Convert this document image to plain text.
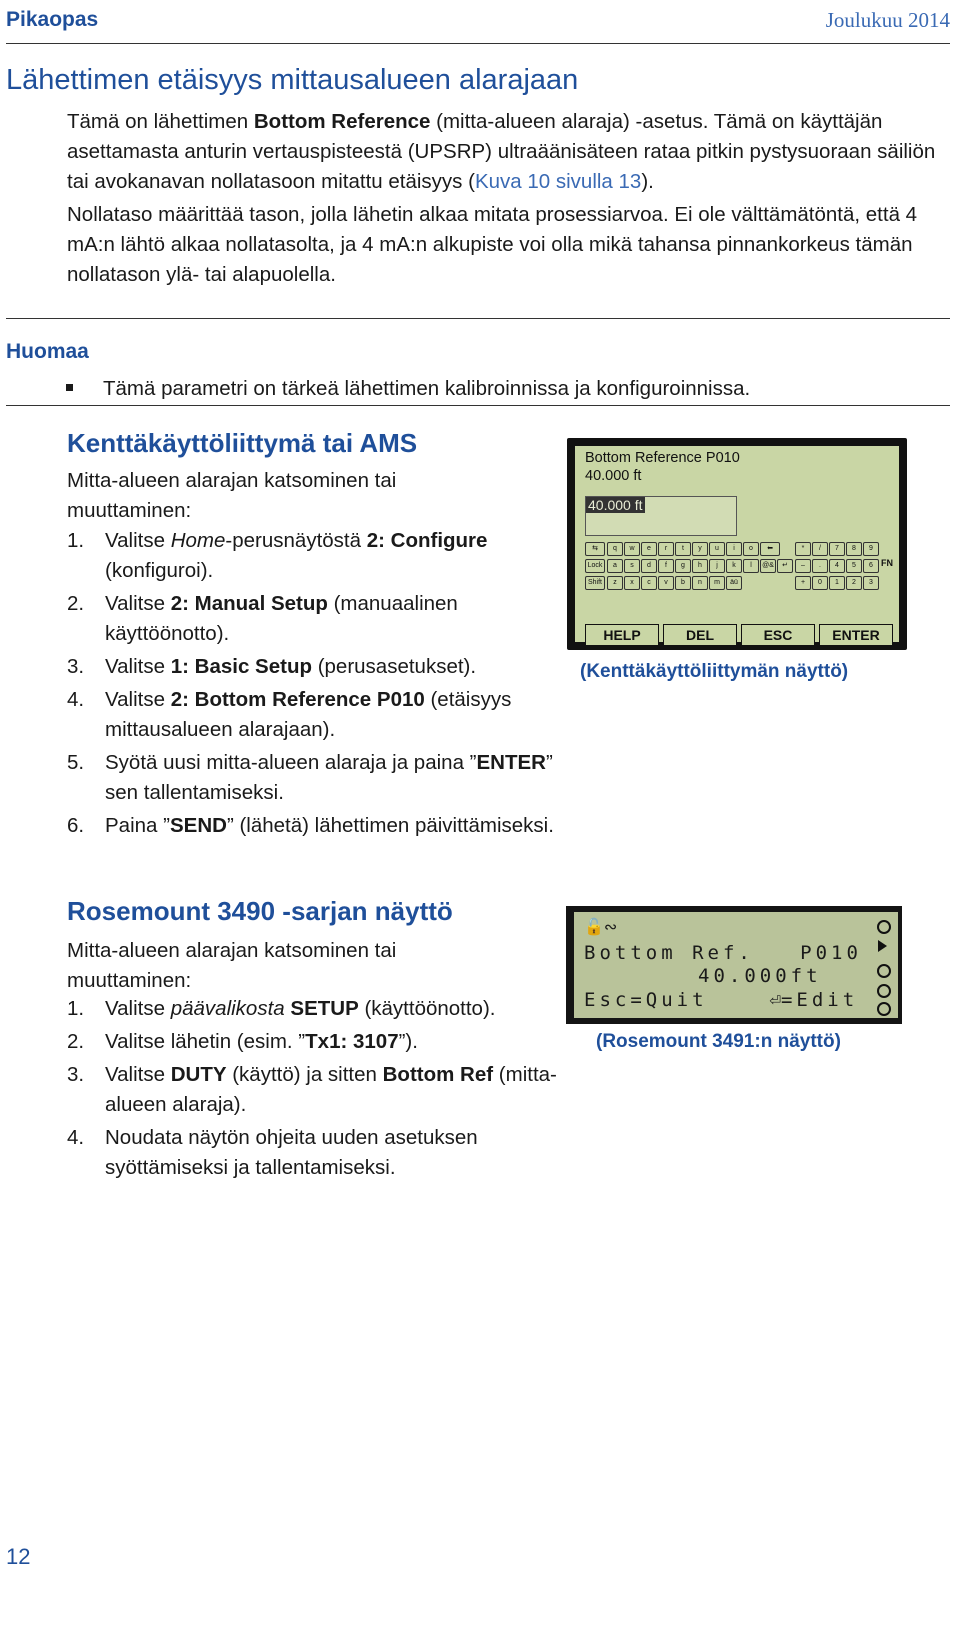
Pikaopas	Joulukuu 2014
Lähettimen etäisyys mittausalueen alarajaan
Tämä on lähettimen Bottom Reference (mitta-alueen alaraja) -asetus. Tämä on käyttäjän asettamasta anturin vertauspisteestä (UPSRP) ultraäänisäteen rataa pitkin pystysuoraan säiliön tai avokanavan nollatasoon mitattu etäisyys (Kuva 10 sivulla 13).
Nollataso määrittää tason, jolla lähetin alkaa mitata prosessiarvoa. Ei ole välttämätöntä, että 4 mA:n lähtö alkaa nollatasolta, ja 4 mA:n alkupiste voi olla mikä tahansa pinnankorkeus tämän nollatason ylä- tai alapuolella.
Huomaa
Tämä parametri on tärkeä lähettimen kalibroinnissa ja konfiguroinnissa.
Kenttäkäyttöliittymä tai AMS
Mitta-alueen alarajan katsominen tai muuttaminen:
1.	Valitse Home-perusnäytöstä 2: Configure (konfiguroi).
2.	Valitse 2: Manual Setup (manuaalinen käyttöönotto).
3.	Valitse 1: Basic Setup (perusasetukset).
4.	Valitse 2: Bottom Reference P010 (etäisyys mittausalueen alarajaan).
5.	Syötä uusi mitta-alueen alaraja ja paina ”ENTER” sen tallentamiseksi.
6.	Paina ”SEND” (lähetä) lähettimen päivittämiseksi.
Bottom Reference P010
40.000 ft
40.000 ft
⇆	q	w	e	r	t	y	u	i	o	⬅
Lock	a	s	d	f	g	h	j	k	l	@&
Shift	z	x	c	v	b	n	m	äü
↵
*	/	7	8	9
–	.	4	5	6
+	0	1	2	3
FN
HELP	DEL	ESC	ENTER
(Kenttäkäyttöliittymän näyttö)
Rosemount 3490 -sarjan näyttö
Mitta-alueen alarajan katsominen tai muuttaminen:
1.	Valitse päävalikosta SETUP (käyttöönotto).
2.	Valitse lähetin (esim. ”Tx1: 3107”).
3.	Valitse DUTY (käyttö) ja sitten Bottom Ref (mitta-alueen alaraja).
4.	Noudata näytön ohjeita uuden asetuksen syöttämiseksi ja tallentamiseksi.
🔓∾
Bottom Ref.   P010
40.000ft
Esc=Quit	⏎=Edit
(Rosemount 3491:n näyttö)
12
